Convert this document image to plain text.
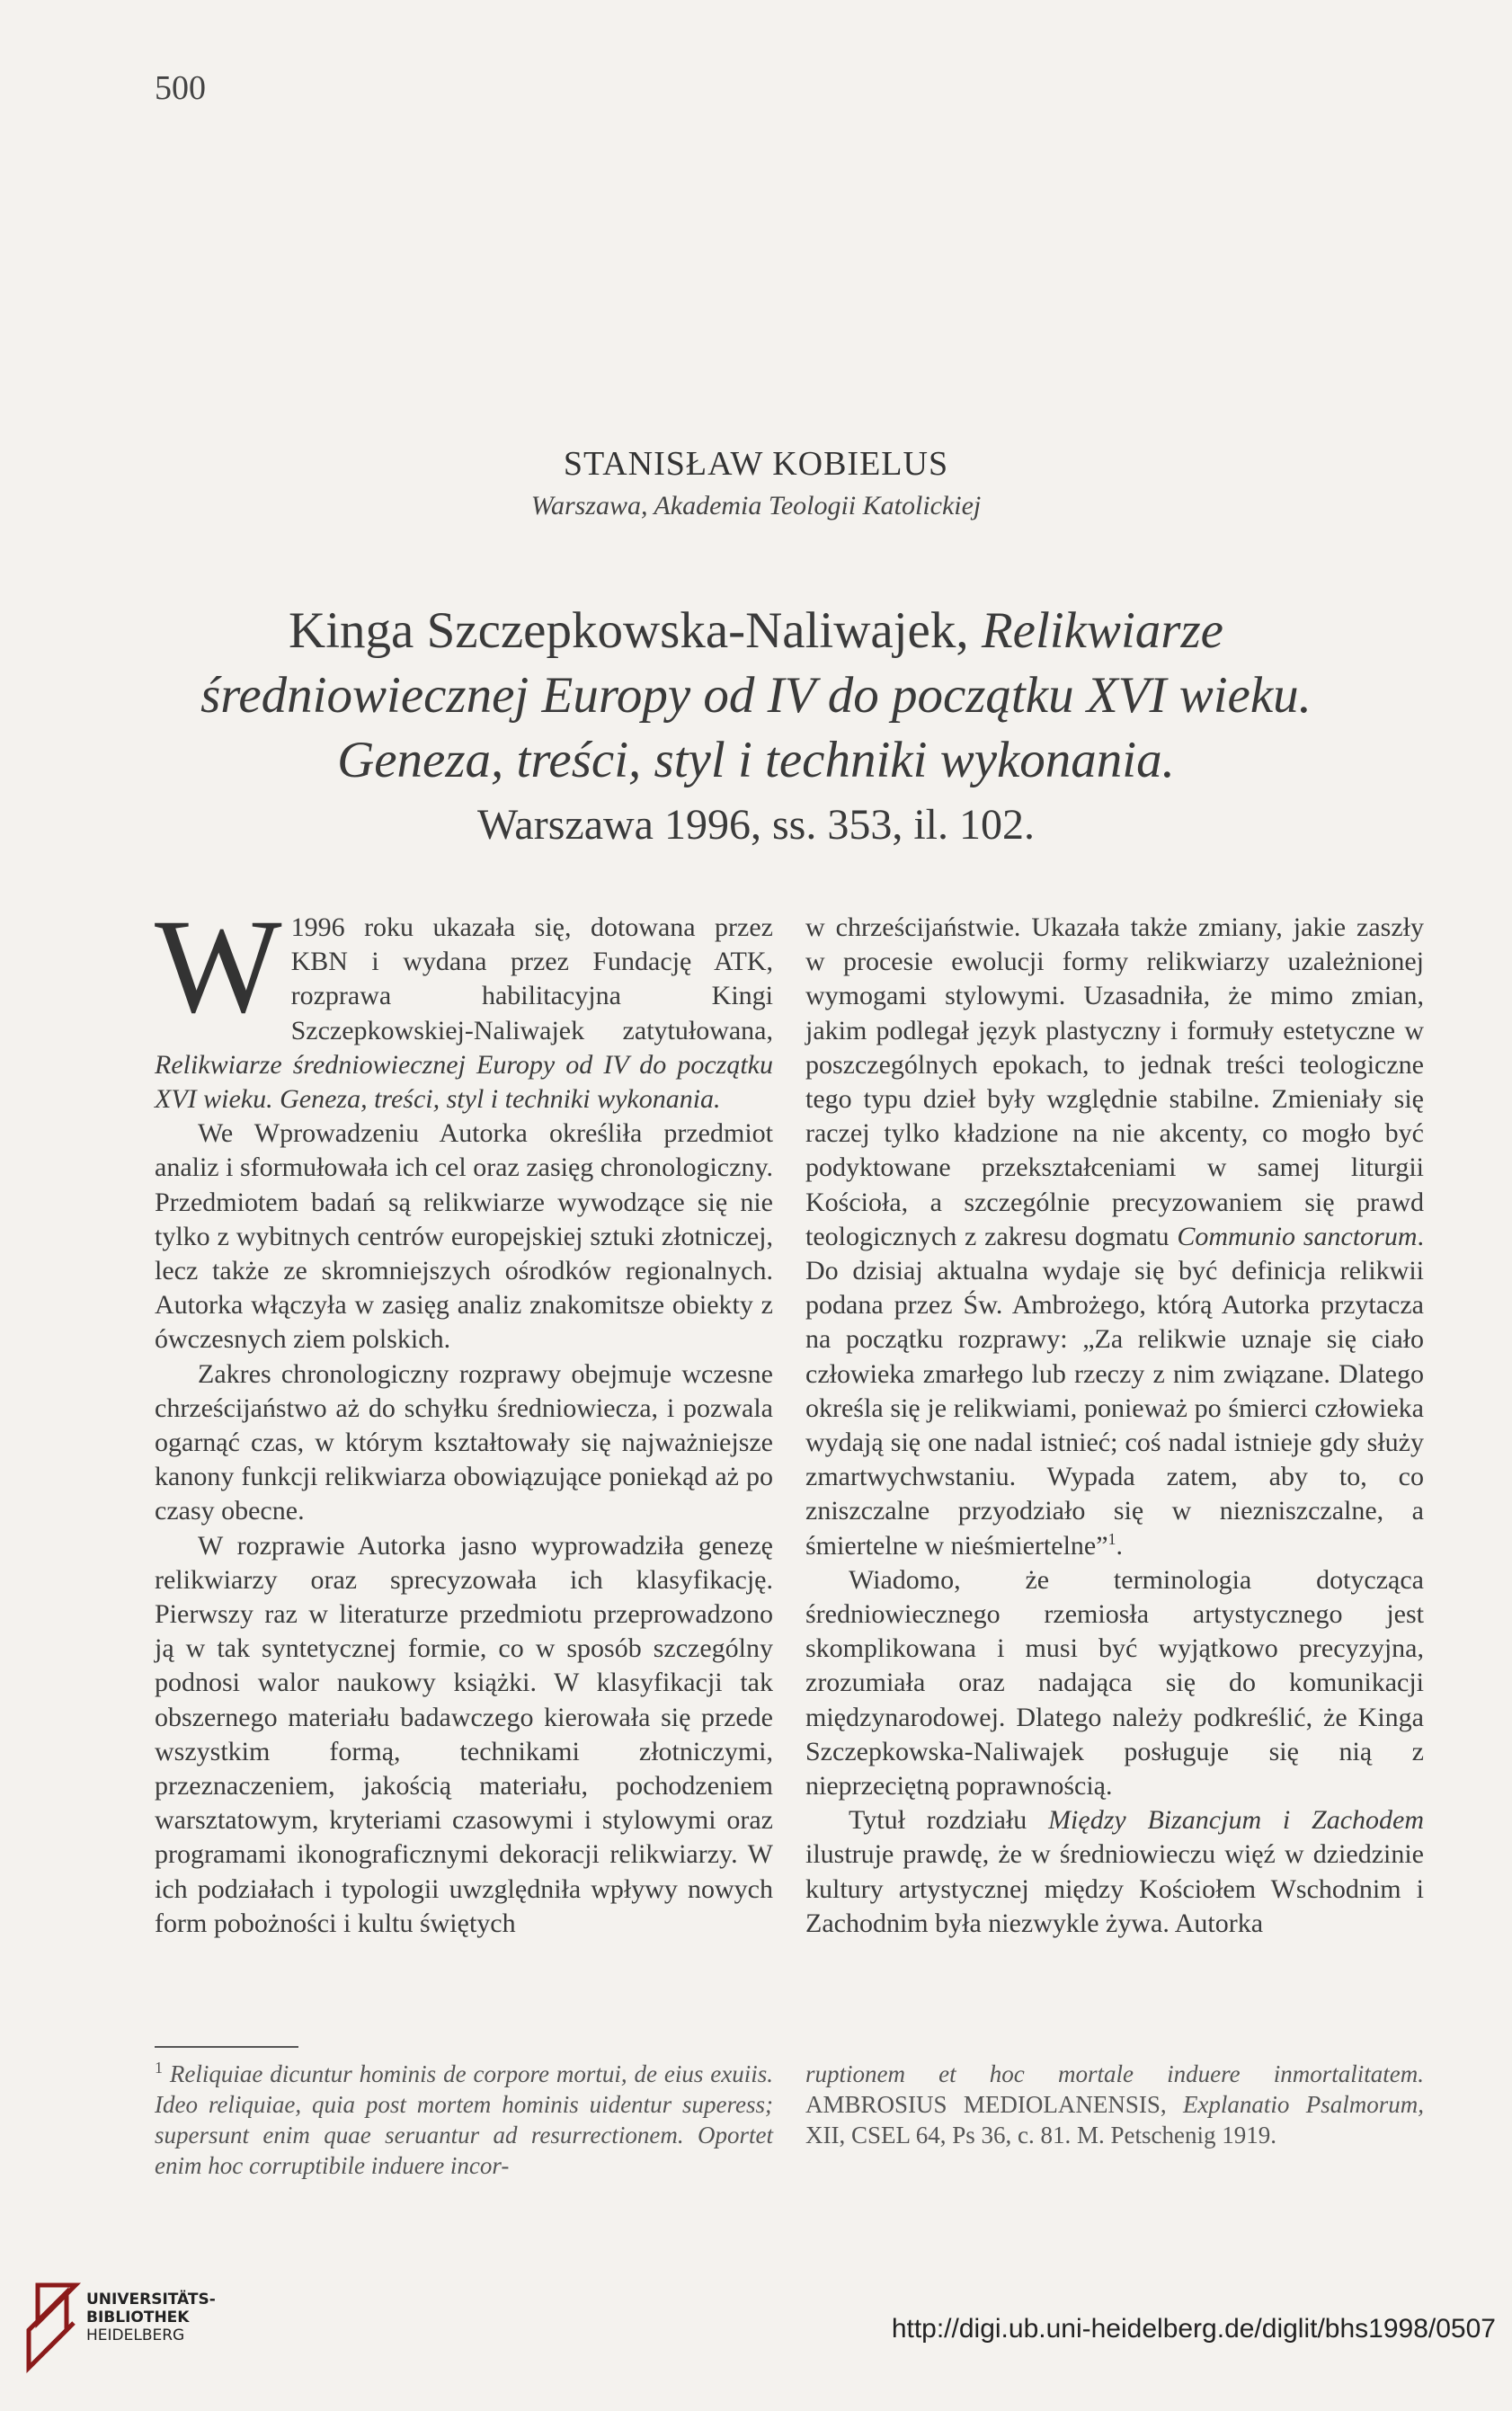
500
STANISŁAW KOBIELUS
Warszawa, Akademia Teologii Katolickiej
Kinga Szczepkowska-Naliwajek, Relikwiarze
średniowiecznej Europy od IV do początku XVI wieku.
Geneza, treści, styl i techniki wykonania.
Warszawa 1996, ss. 353, il. 102.

W 1996 roku ukazała się, dotowana przez KBN i wydana przez Fundację ATK, rozprawa habilitacyjna Kingi Szczepkowskiej-Naliwajek zatytułowana, Relikwiarze średniowiecznej Europy od IV do początku XVI wieku. Geneza, treści, styl i techniki wykonania.

We Wprowadzeniu Autorka określiła przedmiot analiz i sformułowała ich cel oraz zasięg chronologiczny. Przedmiotem badań są relikwiarze wywodzące się nie tylko z wybitnych centrów europejskiej sztuki złotniczej, lecz także ze skromniejszych ośrodków regionalnych. Autorka włączyła w zasięg analiz znakomitsze obiekty z ówczesnych ziem polskich.

Zakres chronologiczny rozprawy obejmuje wczesne chrześcijaństwo aż do schyłku średniowiecza, i pozwala ogarnąć czas, w którym kształtowały się najważniejsze kanony funkcji relikwiarza obowiązujące poniekąd aż po czasy obecne.

W rozprawie Autorka jasno wyprowadziła genezę relikwiarzy oraz sprecyzowała ich klasyfikację. Pierwszy raz w literaturze przedmiotu przeprowadzono ją w tak syntetycznej formie, co w sposób szczególny podnosi walor naukowy książki. W klasyfikacji tak obszernego materiału badawczego kierowała się przede wszystkim formą, technikami złotniczymi, przeznaczeniem, jakością materiału, pochodzeniem warsztatowym, kryteriami czasowymi i stylowymi oraz programami ikonograficznymi dekoracji relikwiarzy. W ich podziałach i typologii uwzględniła wpływy nowych form pobożności i kultu świętych

w chrześcijaństwie. Ukazała także zmiany, jakie zaszły w procesie ewolucji formy relikwiarzy uzależnionej wymogami stylowymi. Uzasadniła, że mimo zmian, jakim podlegał język plastyczny i formuły estetyczne w poszczególnych epokach, to jednak treści teologiczne tego typu dzieł były względnie stabilne. Zmieniały się raczej tylko kładzione na nie akcenty, co mogło być podyktowane przekształceniami w samej liturgii Kościoła, a szczególnie precyzowaniem się prawd teologicznych z zakresu dogmatu Communio sanctorum. Do dzisiaj aktualna wydaje się być definicja relikwii podana przez Św. Ambrożego, którą Autorka przytacza na początku rozprawy: „Za relikwie uznaje się ciało człowieka zmarłego lub rzeczy z nim związane. Dlatego określa się je relikwiami, ponieważ po śmierci człowieka wydają się one nadal istnieć; coś nadal istnieje gdy służy zmartwychwstaniu. Wypada zatem, aby to, co zniszczalne przyodziało się w niezniszczalne, a śmiertelne w nieśmiertelne”$^1$.

Wiadomo, że terminologia dotycząca średniowiecznego rzemiosła artystycznego jest skomplikowana i musi być wyjątkowo precyzyjna, zrozumiała oraz nadająca się do komunikacji międzynarodowej. Dlatego należy podkreślić, że Kinga Szczepkowska-Naliwajek posługuje się nią z nieprzeciętną poprawnością.

Tytuł rozdziału Między Bizancjum i Zachodem ilustruje prawdę, że w średniowieczu więź w dziedzinie kultury artystycznej między Kościołem Wschodnim i Zachodnim była niezwykle żywa. Autorka

$^1$ Reliquiae dicuntur hominis de corpore mortui, de eius exuiis. Ideo reliquiae, quia post mortem hominis uidentur superess; supersunt enim quae seruantur ad resurrectionem. Oportet enim hoc corruptibile induere incor-
ruptionem et hoc mortale induere inmortalitatem. AMBROSIUS MEDIOLANENSIS, Explanatio Psalmorum, XII, CSEL 64, Ps 36, c. 81. M. Petschenig 1919.
UNIVERSITÄTS-
BIBLIOTHEK
HEIDELBERG	http://digi.ub.uni-heidelberg.de/diglit/bhs1998/0507
